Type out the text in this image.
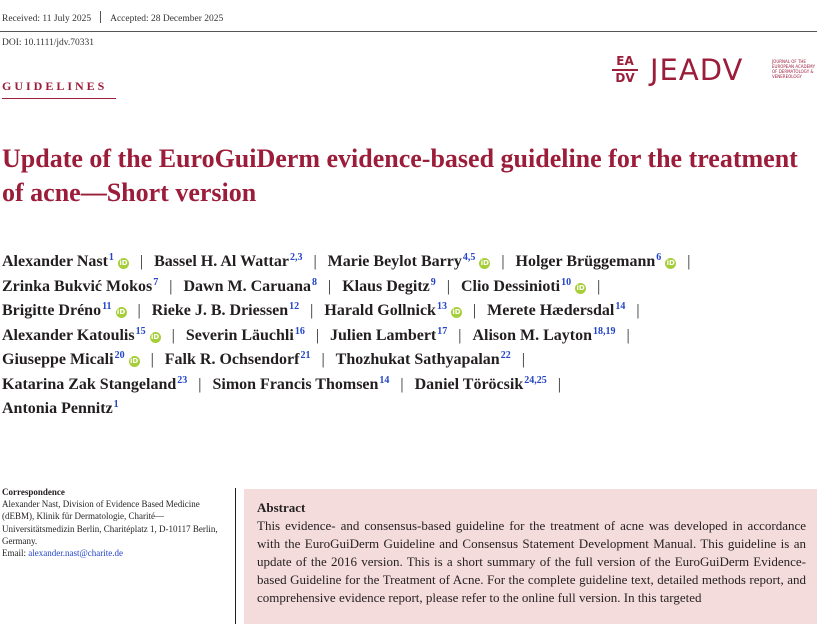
Received: 11 July 2025 Accepted: 28 December 2025
DOI: 10.1111/jdv.70331
GUIDELINES
EA
DV JEADV	JOURNAL OF THE EUROPEAN ACADEMY OF DERMATOLOGY & VENEREOLOGY
Update of the EuroGuiDerm evidence-based guideline for the treatment of acne—Short version
Alexander Nast$^1$ iD | Bassel H. Al Wattar$^{2,3}$ | Marie Beylot Barry$^{4,5}$ iD | Holger Brüggemann$^6$ iD |
Zrinka Bukvić Mokos$^7$ | Dawn M. Caruana$^8$ | Klaus Degitz$^9$ | Clio Dessinioti$^{10}$ iD |
Brigitte Dréno$^{11}$ iD | Rieke J. B. Driessen$^{12}$ | Harald Gollnick$^{13}$ iD | Merete Hædersdal$^{14}$ |
Alexander Katoulis$^{15}$ iD | Severin Läuchli$^{16}$ | Julien Lambert$^{17}$ | Alison M. Layton$^{18,19}$ |
Giuseppe Micali$^{20}$ iD | Falk R. Ochsendorf$^{21}$ | Thozhukat Sathyapalan$^{22}$ |
Katarina Zak Stangeland$^{23}$ | Simon Francis Thomsen$^{14}$ | Daniel Töröcsik$^{24,25}$ |
Antonia Pennitz$^1$
Correspondence
Alexander Nast, Division of Evidence Based Medicine (dEBM), Klinik für Dermatologie, Charité—Universitätsmedizin Berlin, Charitéplatz 1, D-10117 Berlin, Germany.
Email: alexander.nast@charite.de
Abstract

This evidence- and consensus-based guideline for the treatment of acne was developed in accordance with the EuroGuiDerm Guideline and Consensus Statement Development Manual. This guideline is an update of the 2016 version. This is a short summary of the full version of the EuroGuiDerm Evidence-based Guideline for the Treatment of Acne. For the complete guideline text, detailed methods report, and comprehensive evidence report, please refer to the online full version. In this targeted
